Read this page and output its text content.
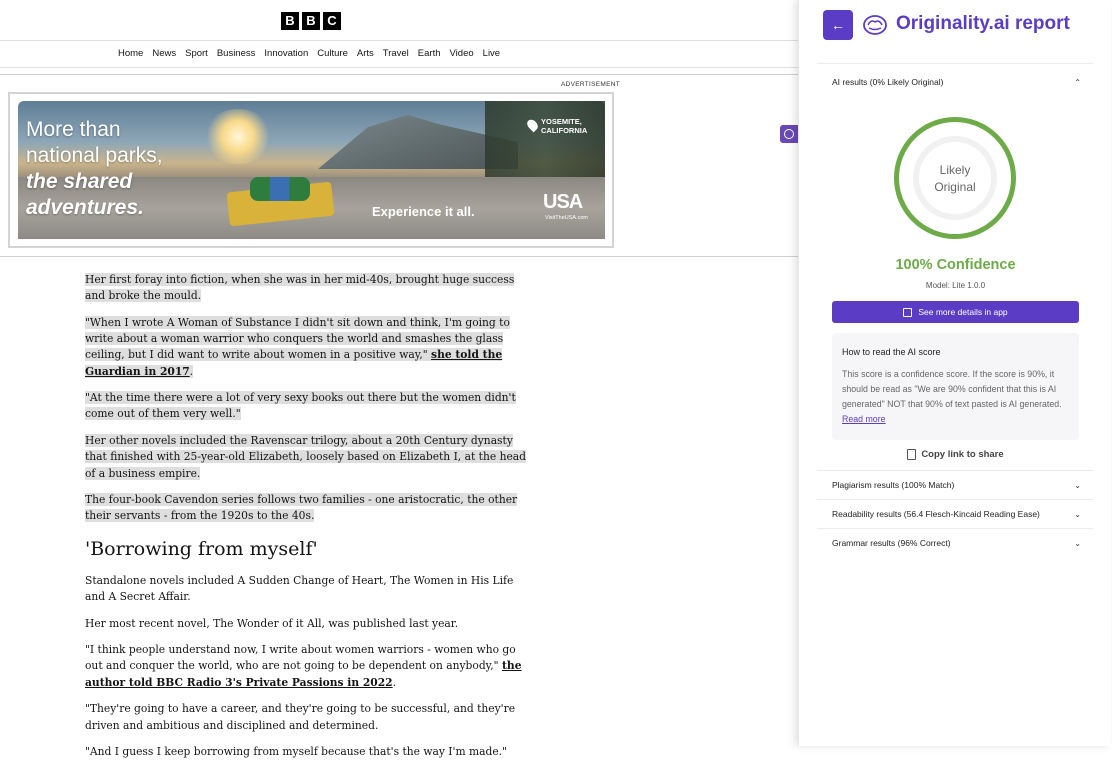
B B C
Home News Sport Business Innovation Culture Arts Travel Earth Video Live
ADVERTISEMENT
More than
national parks,
the shared
adventures.
YOSEMITE,
CALIFORNIA
Experience it all.	USA
VisitTheUSA.com

Her first foray into fiction, when she was in her mid-40s, brought huge success and broke the mould.

"When I wrote A Woman of Substance I didn't sit down and think, I'm going to write about a woman warrior who conquers the world and smashes the glass ceiling, but I did want to write about women in a positive way," she told the Guardian in 2017.

"At the time there were a lot of very sexy books out there but the women didn't come out of them very well."

Her other novels included the Ravenscar trilogy, about a 20th Century dynasty that finished with 25-year-old Elizabeth, loosely based on Elizabeth I, at the head of a business empire.

The four-book Cavendon series follows two families - one aristocratic, the other their servants - from the 1920s to the 40s.

'Borrowing from myself'

Standalone novels included A Sudden Change of Heart, The Women in His Life and A Secret Affair.

Her most recent novel, The Wonder of it All, was published last year.

"I think people understand now, I write about women warriors - women who go out and conquer the world, who are not going to be dependent on anybody," the author told BBC Radio 3's Private Passions in 2022.

"They're going to have a career, and they're going to be successful, and they're driven and ambitious and disciplined and determined.

"And I guess I keep borrowing from myself because that's the way I'm made."

←	Originality.ai report
AI results (0% Likely Original)	⌃
Likely
Original
100% Confidence
Model: Lite 1.0.0
See more details in app
How to read the AI score
This score is a confidence score. If the score is 90%, it should be read as "We are 90% confident that this is AI generated" NOT that 90% of text pasted is AI generated. Read more
Copy link to share
Plagiarism results (100% Match)	⌄
Readability results (56.4 Flesch-Kincaid Reading Ease)	⌄
Grammar results (96% Correct)	⌄
